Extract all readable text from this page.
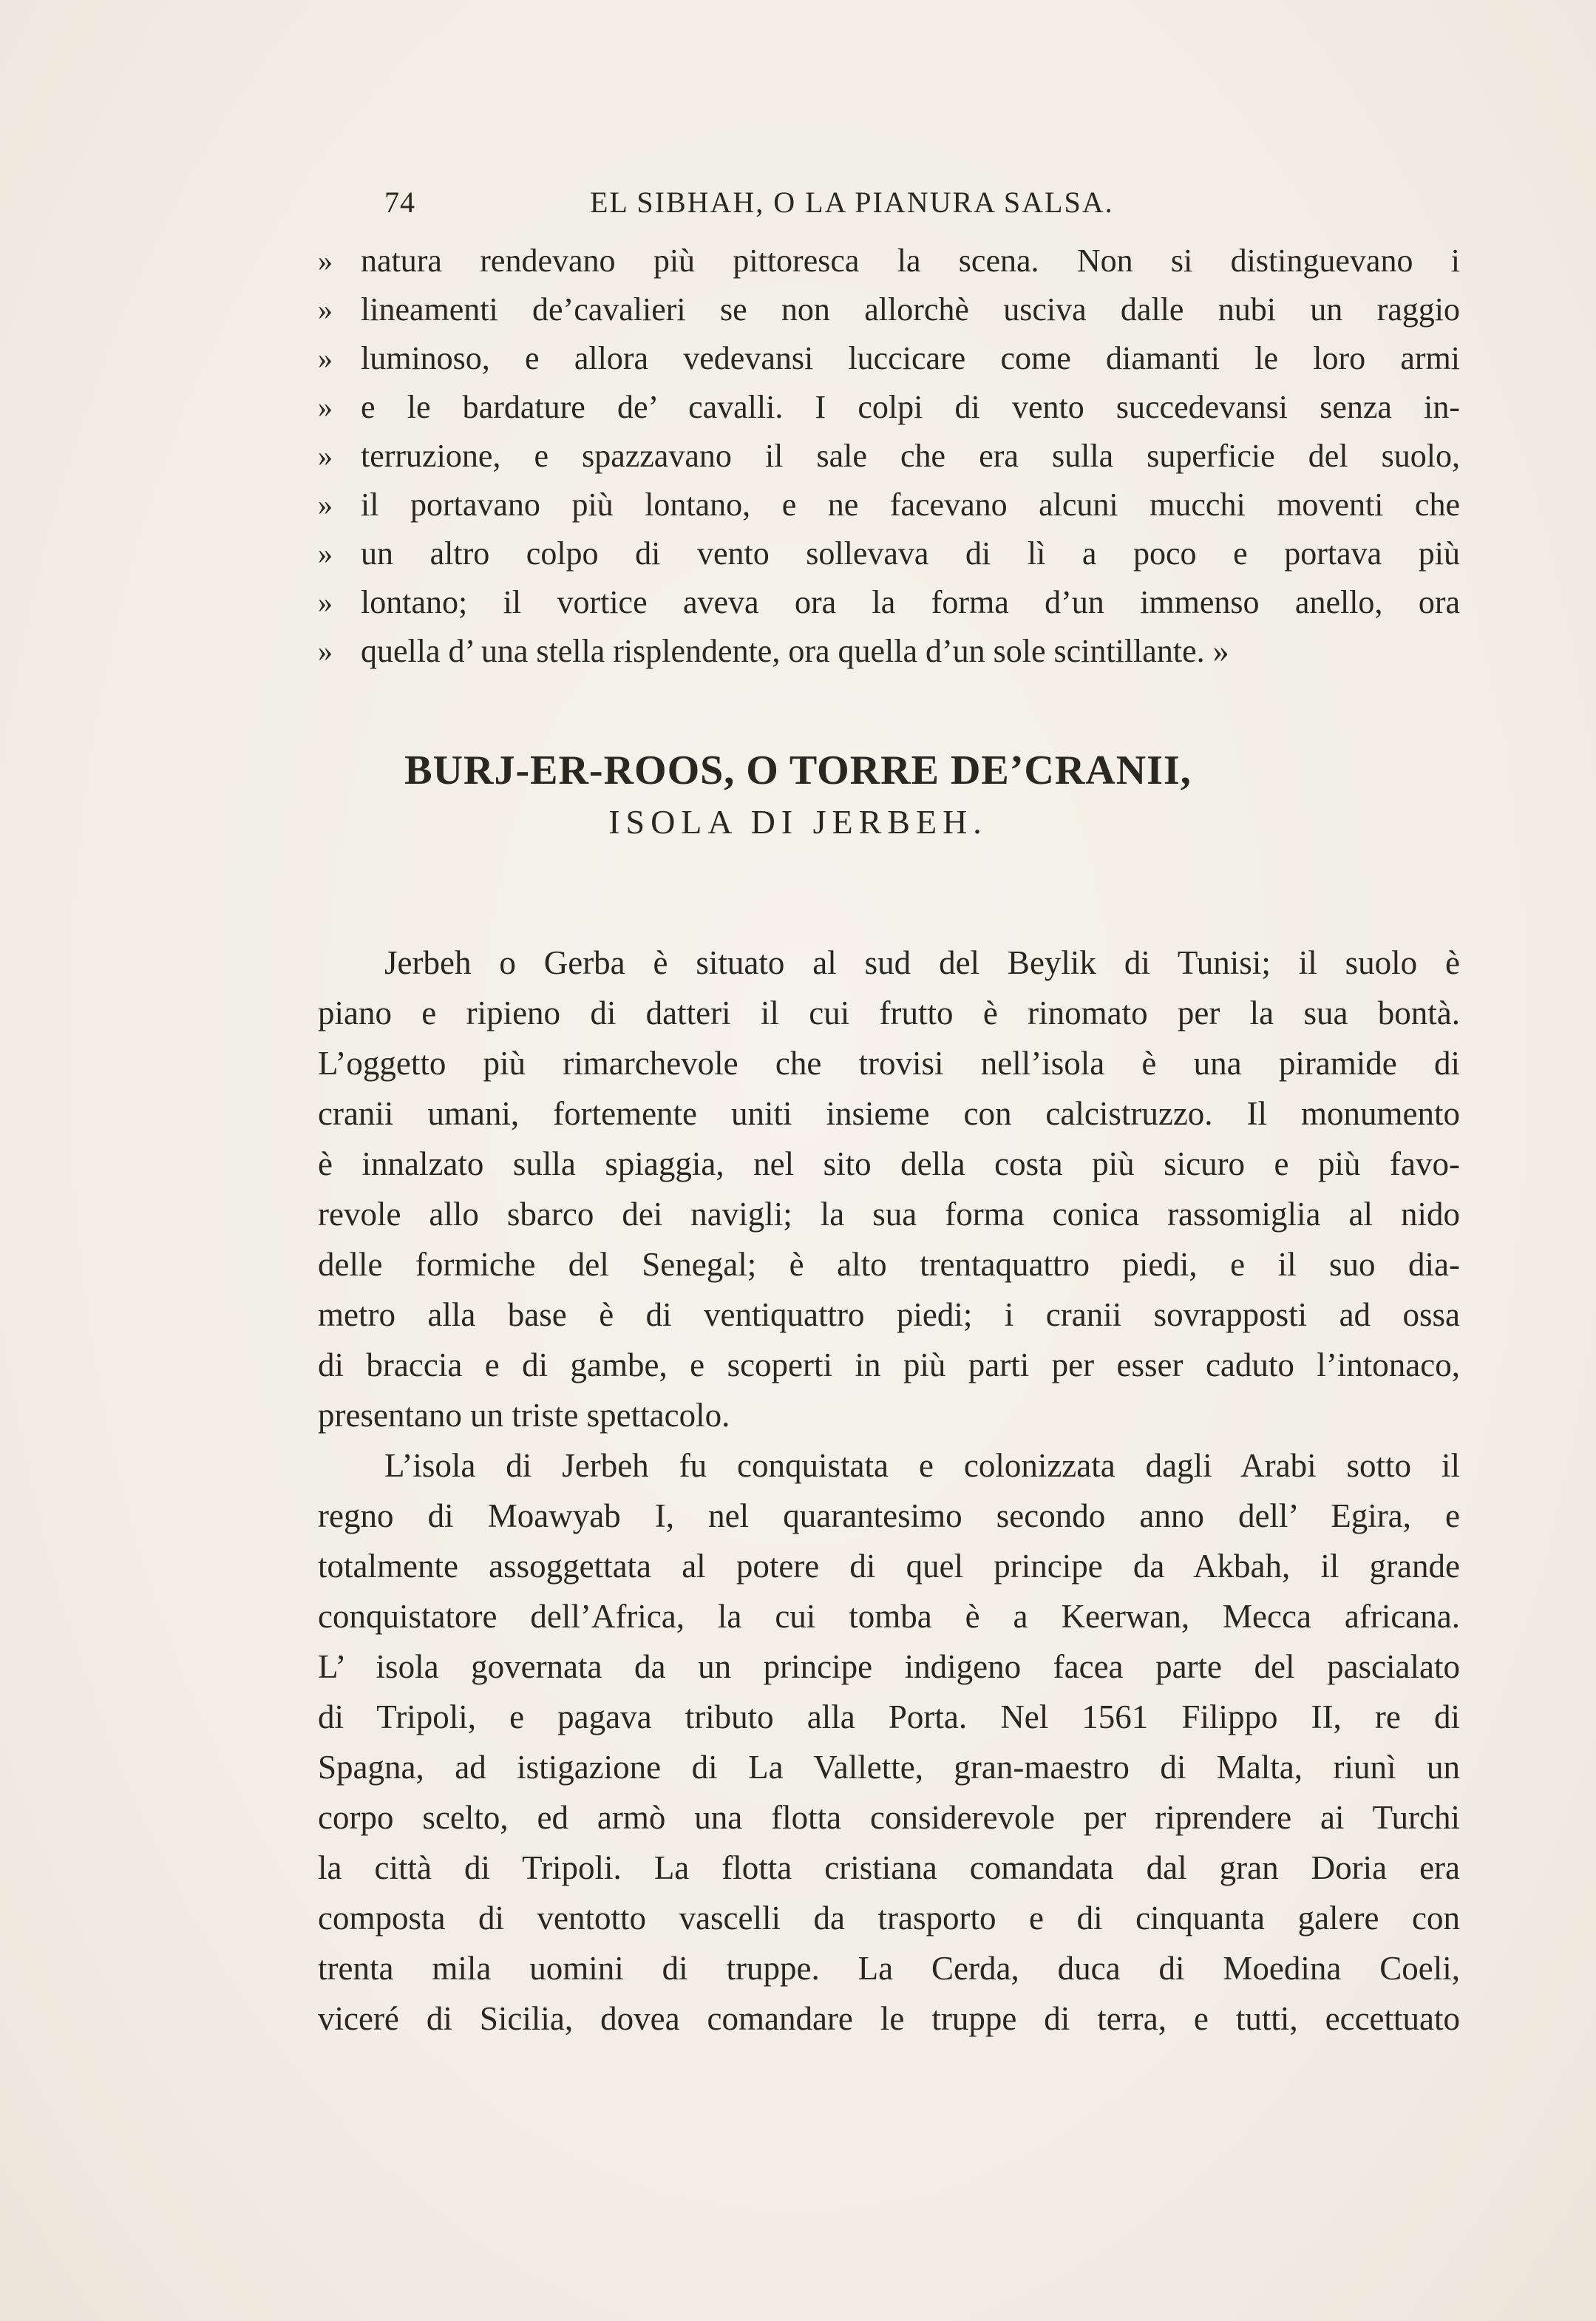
74	EL SIBHAH, O LA PIANURA SALSA.
» natura rendevano più pittoresca la scena. Non si distinguevano i
» lineamenti de’cavalieri se non allorchè usciva dalle nubi un raggio
» luminoso, e allora vedevansi luccicare come diamanti le loro armi
» e le bardature de’ cavalli. I colpi di vento succedevansi senza in-
» terruzione, e spazzavano il sale che era sulla superficie del suolo,
» il portavano più lontano, e ne facevano alcuni mucchi moventi che
» un altro colpo di vento sollevava di lì a poco e portava più
» lontano; il vortice aveva ora la forma d’un immenso anello, ora
» quella d’ una stella risplendente, ora quella d’un sole scintillante. »
BURJ-ER-ROOS, O TORRE DE’CRANII,
ISOLA DI JERBEH.
Jerbeh o Gerba è situato al sud del Beylik di Tunisi; il suolo è
piano e ripieno di datteri il cui frutto è rinomato per la sua bontà.
L’oggetto più rimarchevole che trovisi nell’isola è una piramide di
cranii umani, fortemente uniti insieme con calcistruzzo. Il monumento
è innalzato sulla spiaggia, nel sito della costa più sicuro e più favo-
revole allo sbarco dei navigli; la sua forma conica rassomiglia al nido
delle formiche del Senegal; è alto trentaquattro piedi, e il suo dia-
metro alla base è di ventiquattro piedi; i cranii sovrapposti ad ossa
di braccia e di gambe, e scoperti in più parti per esser caduto l’intonaco,
presentano un triste spettacolo.
L’isola di Jerbeh fu conquistata e colonizzata dagli Arabi sotto il
regno di Moawyab I, nel quarantesimo secondo anno dell’ Egira, e
totalmente assoggettata al potere di quel principe da Akbah, il grande
conquistatore dell’Africa, la cui tomba è a Keerwan, Mecca africana.
L’ isola governata da un principe indigeno facea parte del pascialato
di Tripoli, e pagava tributo alla Porta. Nel 1561 Filippo II, re di
Spagna, ad istigazione di La Vallette, gran-maestro di Malta, riunì un
corpo scelto, ed armò una flotta considerevole per riprendere ai Turchi
la città di Tripoli. La flotta cristiana comandata dal gran Doria era
composta di ventotto vascelli da trasporto e di cinquanta galere con
trenta mila uomini di truppe. La Cerda, duca di Moedina Coeli,
viceré di Sicilia, dovea comandare le truppe di terra, e tutti, eccettuato
